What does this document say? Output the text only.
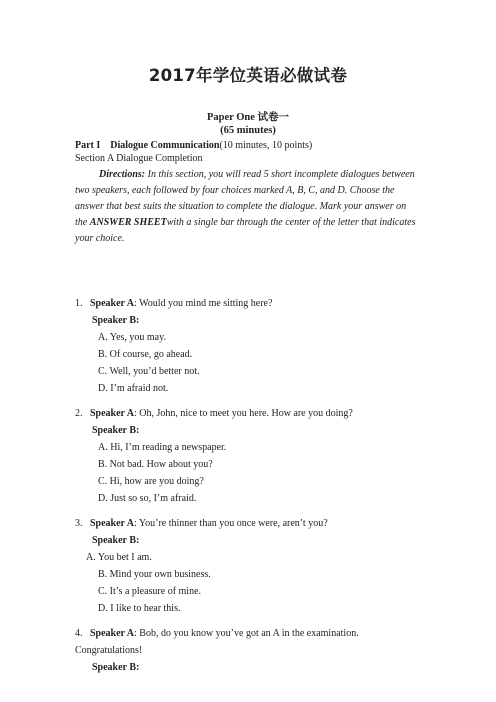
2017年学位英语必做试卷
Paper One 试卷一
(65 minutes)
Part I Dialogue Communication(10 minutes, 10 points)
Section A Dialogue Completion
Directions: In this section, you will read 5 short incomplete dialogues between two speakers, each followed by four choices marked A, B, C, and D. Choose the answer that best suits the situation to complete the dialogue. Mark your answer on the ANSWER SHEETwith a single bar through the center of the letter that indicates your choice.
1. Speaker A: Would you mind me sitting here?
Speaker B:
A. Yes, you may.
B. Of course, go ahead.
C. Well, you’d better not.
D. I’m afraid not.
2. Speaker A: Oh, John, nice to meet you here. How are you doing?
Speaker B:
A. Hi, I’m reading a newspaper.
B. Not bad. How about you?
C. Hi, how are you doing?
D. Just so so, I’m afraid.
3. Speaker A: You’re thinner than you once were, aren’t you?
Speaker B:
A. You bet I am.
B. Mind your own business.
C. It’s a pleasure of mine.
D. I like to hear this.
4. Speaker A: Bob, do you know you’ve got an A in the examination.
Congratulations!
Speaker B:
